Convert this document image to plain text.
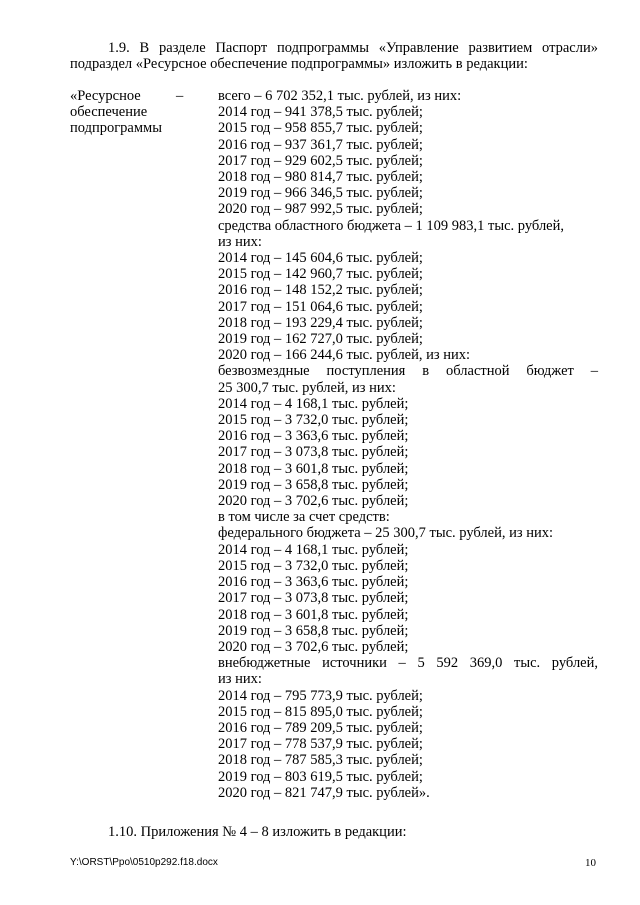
1.9. В разделе Паспорт подпрограммы «Управление развитием отрасли» подраздел «Ресурсное обеспечение подпрограммы» изложить в редакции:
«Ресурсное
обеспечение
подпрограммы
– всего – 6 702 352,1 тыс. рублей, из них:
2014 год – 941 378,5 тыс. рублей;
2015 год – 958 855,7 тыс. рублей;
2016 год – 937 361,7 тыс. рублей;
2017 год – 929 602,5 тыс. рублей;
2018 год – 980 814,7 тыс. рублей;
2019 год – 966 346,5 тыс. рублей;
2020 год – 987 992,5 тыс. рублей;
средства областного бюджета – 1 109 983,1 тыс. рублей,
из них:
2014 год – 145 604,6 тыс. рублей;
2015 год – 142 960,7 тыс. рублей;
2016 год – 148 152,2 тыс. рублей;
2017 год – 151 064,6 тыс. рублей;
2018 год – 193 229,4 тыс. рублей;
2019 год – 162 727,0 тыс. рублей;
2020 год – 166 244,6 тыс. рублей, из них:
безвозмездные поступления в областной бюджет –
25 300,7 тыс. рублей, из них:
2014 год – 4 168,1 тыс. рублей;
2015 год – 3 732,0 тыс. рублей;
2016 год – 3 363,6 тыс. рублей;
2017 год – 3 073,8 тыс. рублей;
2018 год – 3 601,8 тыс. рублей;
2019 год – 3 658,8 тыс. рублей;
2020 год – 3 702,6 тыс. рублей;
в том числе за счет средств:
федерального бюджета – 25 300,7 тыс. рублей, из них:
2014 год – 4 168,1 тыс. рублей;
2015 год – 3 732,0 тыс. рублей;
2016 год – 3 363,6 тыс. рублей;
2017 год – 3 073,8 тыс. рублей;
2018 год – 3 601,8 тыс. рублей;
2019 год – 3 658,8 тыс. рублей;
2020 год – 3 702,6 тыс. рублей;
внебюджетные источники – 5 592 369,0 тыс. рублей,
из них:
2014 год – 795 773,9 тыс. рублей;
2015 год – 815 895,0 тыс. рублей;
2016 год – 789 209,5 тыс. рублей;
2017 год – 778 537,9 тыс. рублей;
2018 год – 787 585,3 тыс. рублей;
2019 год – 803 619,5 тыс. рублей;
2020 год – 821 747,9 тыс. рублей».
1.10. Приложения № 4 – 8 изложить в редакции:
Y:\ORST\Ppo\0510p292.f18.docx	10
